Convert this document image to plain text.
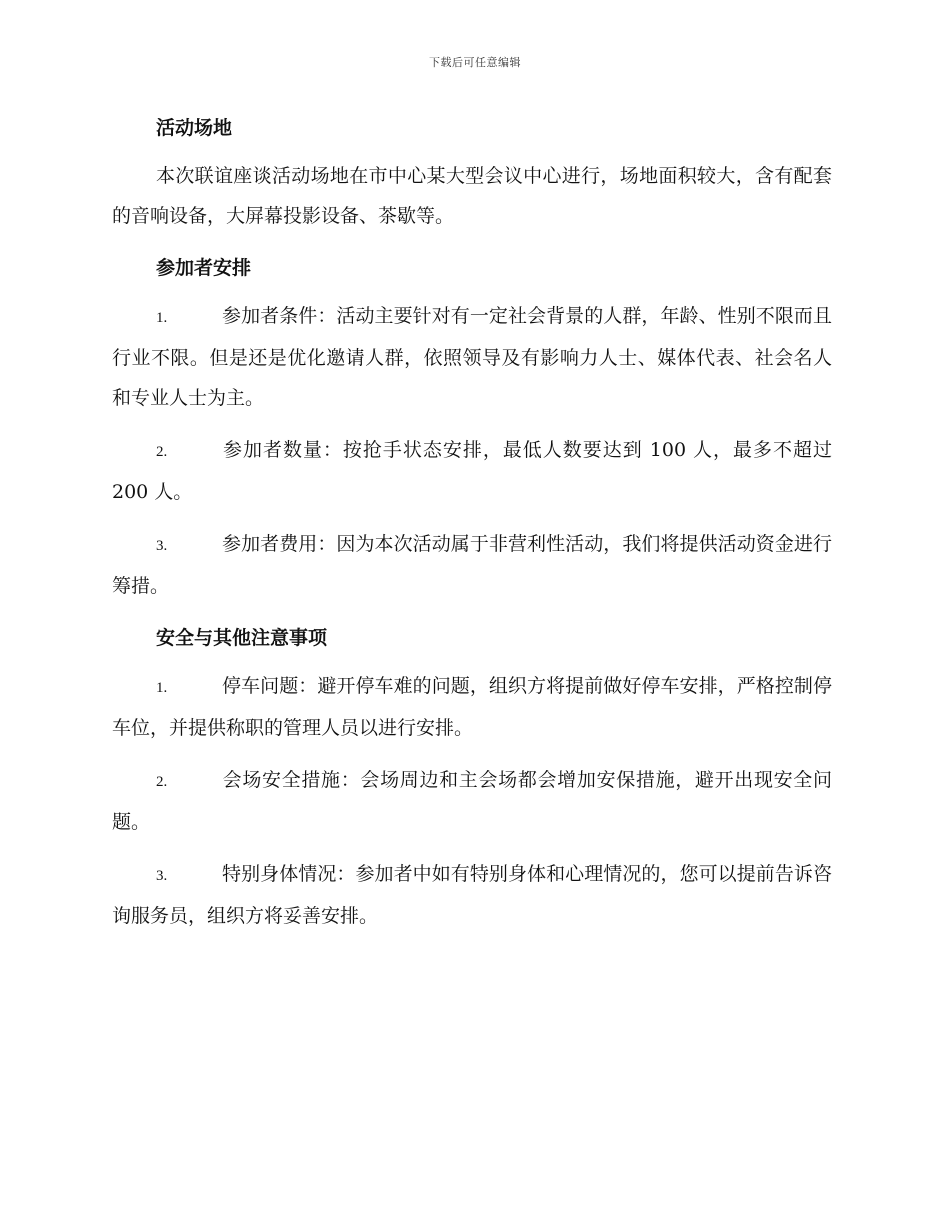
下载后可任意编辑
活动场地

本次联谊座谈活动场地在市中心某大型会议中心进行，场地面积较大，含有配套的音响设备，大屏幕投影设备、茶歇等。

参加者安排
1.	参加者条件：活动主要针对有一定社会背景的人群，年龄、性别不限而且行业不限。但是还是优化邀请人群，依照领导及有影响力人士、媒体代表、社会名人和专业人士为主。
2.	参加者数量：按抢手状态安排，最低人数要达到 100 人，最多不超过 200 人。
3.	参加者费用：因为本次活动属于非营利性活动，我们将提供活动资金进行筹措。
安全与其他注意事项
1.	停车问题：避开停车难的问题，组织方将提前做好停车安排，严格控制停车位，并提供称职的管理人员以进行安排。
2.	会场安全措施：会场周边和主会场都会增加安保措施，避开出现安全问题。
3.	特别身体情况：参加者中如有特别身体和心理情况的，您可以提前告诉咨询服务员，组织方将妥善安排。
